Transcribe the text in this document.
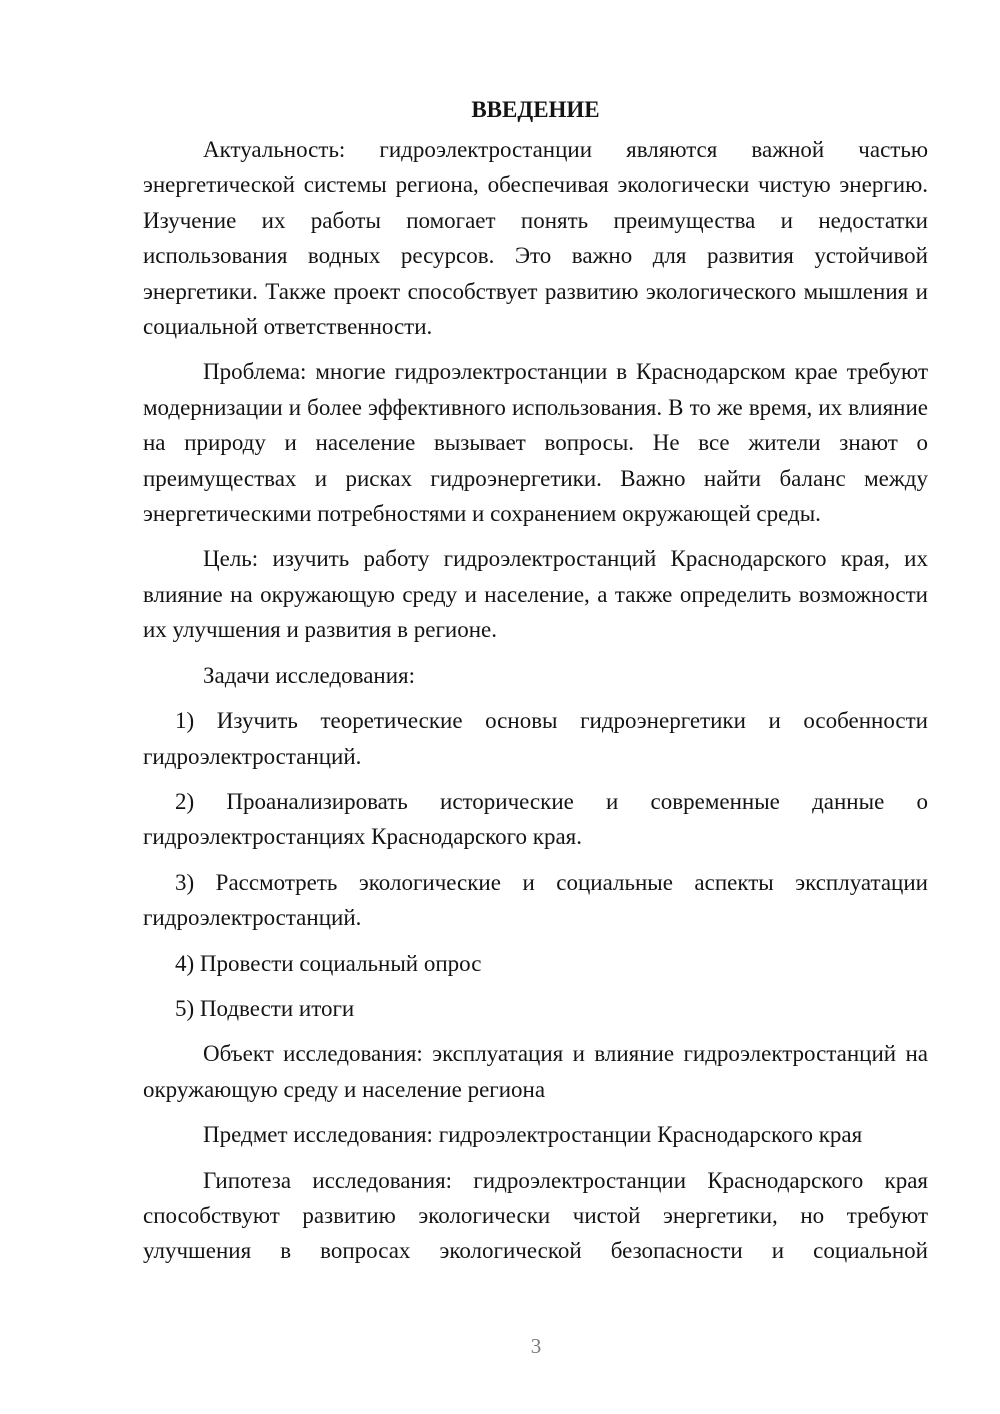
ВВЕДЕНИЕ

Актуальность: гидроэлектростанции являются важной частью энергетической системы региона, обеспечивая экологически чистую энергию. Изучение их работы помогает понять преимущества и недостатки использования водных ресурсов. Это важно для развития устойчивой энергетики. Также проект способствует развитию экологического мышления и социальной ответственности.

Проблема: многие гидроэлектростанции в Краснодарском крае требуют модернизации и более эффективного использования. В то же время, их влияние на природу и население вызывает вопросы. Не все жители знают о преимуществах и рисках гидроэнергетики. Важно найти баланс между энергетическими потребностями и сохранением окружающей среды.

Цель: изучить работу гидроэлектростанций Краснодарского края, их влияние на окружающую среду и население, а также определить возможности их улучшения и развития в регионе.

Задачи исследования:

1) Изучить теоретические основы гидроэнергетики и особенности гидроэлектростанций.

2) Проанализировать исторические и современные данные о гидроэлектростанциях Краснодарского края.

3) Рассмотреть экологические и социальные аспекты эксплуатации гидроэлектростанций.

4) Провести социальный опрос

5) Подвести итоги

Объект исследования: эксплуатация и влияние гидроэлектростанций на окружающую среду и население региона

Предмет исследования: гидроэлектростанции Краснодарского края

Гипотеза исследования: гидроэлектростанции Краснодарского края способствуют развитию экологически чистой энергетики, но требуют улучшения в вопросах экологической безопасности и социальной

3
